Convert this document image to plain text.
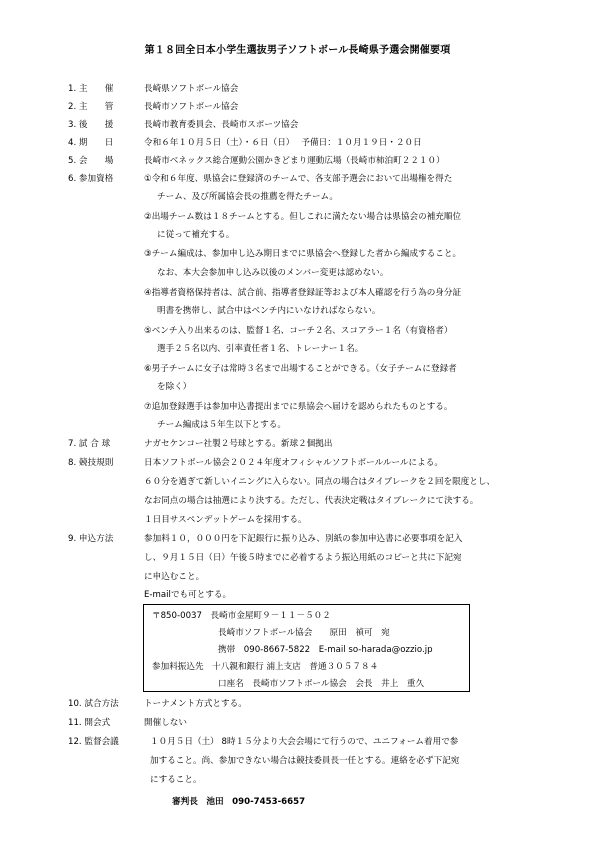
第１８回全日本小学生選抜男子ソフトボール長崎県予選会開催要項
1. 主　　催	長崎県ソフトボール協会
2. 主　　管	長崎市ソフトボール協会
3. 後　　援	長崎市教育委員会、長崎市スポーツ協会
4. 期　　日	令和６年１０月５日（土）・６日（日）　 予備日：１０月１９日・２０日
5. 会　　場	長崎市ベネックス総合運動公園かきどまり運動広場（長崎市柿泊町２２１０）
6. 参加資格	①令和６年度、県協会に登録済のチームで、各支部予選会において出場権を得た
チーム、及び所属協会長の推薦を得たチーム。
②出場チーム数は１８チームとする。但しこれに満たない場合は県協会の補充順位
に従って補充する。
③チーム編成は、参加申し込み期日までに県協会へ登録した者から編成すること。
なお、本大会参加申し込み以後のメンバー変更は認めない。
④指導者資格保持者は、試合前、指導者登録証等および本人確認を行う為の身分証
明書を携帯し、試合中はベンチ内にいなければならない。
⑤ベンチ入り出来るのは、監督１名、コーチ２名、スコアラー１名（有資格者）
選手２５名以内、引率責任者１名、トレーナー１名。
⑥男子チームに女子は常時３名まで出場することができる。（女子チームに登録者
を除く）
⑦追加登録選手は参加申込書提出までに県協会へ届けを認められたものとする。
チーム編成は５年生以下とする。
7. 試 合 球	ナガセケンコー社製２号球とする。新球２個拠出
8. 競技規則	日本ソフトボール協会２０２４年度オフィシャルソフトボールルールによる。
６０分を過ぎて新しいイニングに入らない。同点の場合はタイブレークを２回を限度とし、
なお同点の場合は抽選により決する。ただし、代表決定戦はタイブレークにて決する。
１日目サスペンデットゲームを採用する。
9. 申込方法	参加料１０，０００円を下記銀行に振り込み、別紙の参加申込書に必要事項を記入
し、９月１５日（日）午後５時までに必着するよう振込用紙のコピーと共に下記宛
に申込むこと。
E-mailでも可とする。
〒850-0037　長崎市金屋町９－１１－５０２
長崎市ソフトボール協会　　原田　禎可　宛
携帯　090-8667-5822　E-mail so-harada@ozzio.jp
参加料振込先　十八親和銀行 浦上支店　普通３０５７８４
口座名　長崎市ソフトボール協会　会長　井上　重久
10. 試合方法	トーナメント方式とする。
11. 開会式	開催しない
12. 監督会議	１０月５日（土） 8時１５分より大会会場にて行うので、ユニフォーム着用で参
加すること。尚、参加できない場合は競技委員長一任とする。連絡を必ず下記宛
にすること。
審判長　池田　090-7453-6657
